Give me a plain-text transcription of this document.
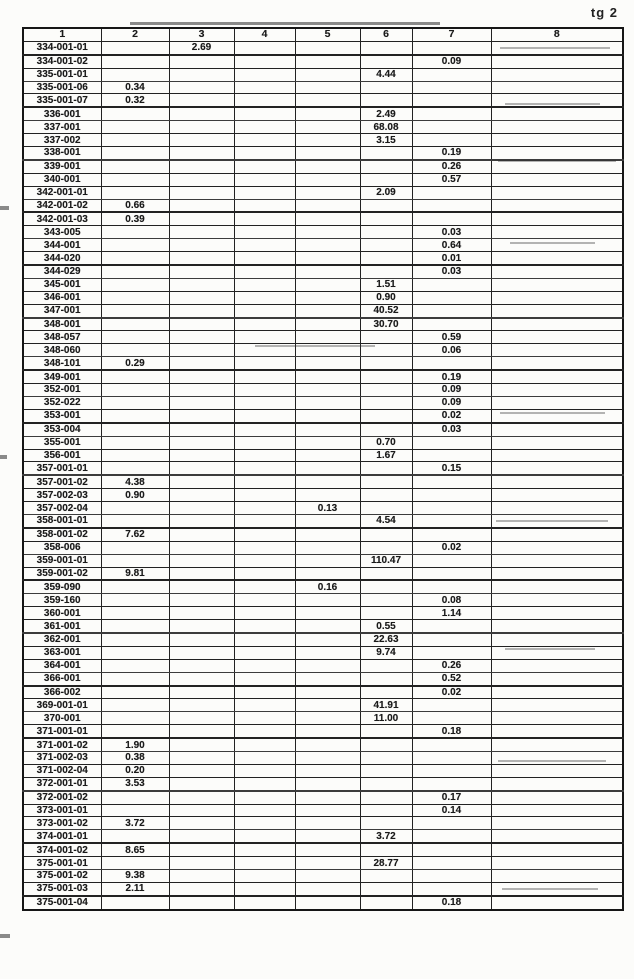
tg 2
1	2	3	4	5	6	7	8
334-001-01		2.69					
334-001-02						0.09	
335-001-01					4.44		
335-001-06	0.34						
335-001-07	0.32						
336-001					2.49		
337-001					68.08		
337-002					3.15		
338-001						0.19	
339-001						0.26	
340-001						0.57	
342-001-01					2.09		
342-001-02	0.66						
342-001-03	0.39						
343-005						0.03	
344-001						0.64	
344-020						0.01	
344-029						0.03	
345-001					1.51		
346-001					0.90		
347-001					40.52		
348-001					30.70		
348-057						0.59	
348-060						0.06	
348-101	0.29						
349-001						0.19	
352-001						0.09	
352-022						0.09	
353-001						0.02	
353-004						0.03	
355-001					0.70		
356-001					1.67		
357-001-01						0.15	
357-001-02	4.38						
357-002-03	0.90						
357-002-04				0.13			
358-001-01					4.54		
358-001-02	7.62						
358-006						0.02	
359-001-01					110.47		
359-001-02	9.81						
359-090				0.16			
359-160						0.08	
360-001						1.14	
361-001					0.55		
362-001					22.63		
363-001					9.74		
364-001						0.26	
366-001						0.52	
366-002						0.02	
369-001-01					41.91		
370-001					11.00		
371-001-01						0.18	
371-001-02	1.90						
371-002-03	0.38						
371-002-04	0.20						
372-001-01	3.53						
372-001-02						0.17	
373-001-01						0.14	
373-001-02	3.72						
374-001-01					3.72		
374-001-02	8.65						
375-001-01					28.77		
375-001-02	9.38						
375-001-03	2.11						
375-001-04						0.18	
